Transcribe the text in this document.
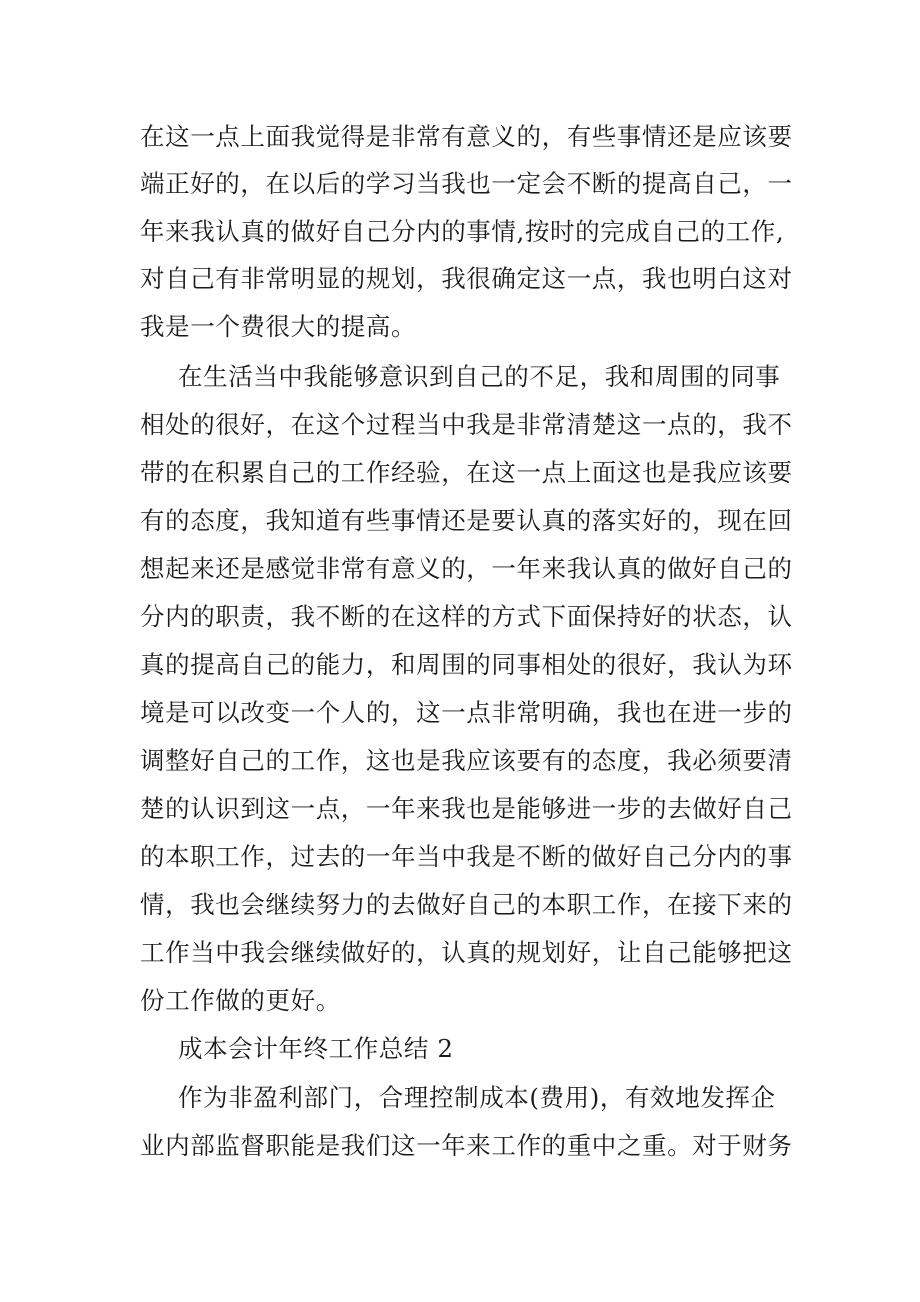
在这一点上面我觉得是非常有意义的，有些事情还是应该要
端正好的，在以后的学习当我也一定会不断的提高自己，一
年来我认真的做好自己分内的事情,按时的完成自己的工作,
对自己有非常明显的规划，我很确定这一点，我也明白这对
我是一个费很大的提高。
在生活当中我能够意识到自己的不足，我和周围的同事
相处的很好，在这个过程当中我是非常清楚这一点的，我不
带的在积累自己的工作经验，在这一点上面这也是我应该要
有的态度，我知道有些事情还是要认真的落实好的，现在回
想起来还是感觉非常有意义的，一年来我认真的做好自己的
分内的职责，我不断的在这样的方式下面保持好的状态，认
真的提高自己的能力，和周围的同事相处的很好，我认为环
境是可以改变一个人的，这一点非常明确，我也在进一步的
调整好自己的工作，这也是我应该要有的态度，我必须要清
楚的认识到这一点，一年来我也是能够进一步的去做好自己
的本职工作，过去的一年当中我是不断的做好自己分内的事
情，我也会继续努力的去做好自己的本职工作，在接下来的
工作当中我会继续做好的，认真的规划好，让自己能够把这
份工作做的更好。
成本会计年终工作总结 2
作为非盈利部门，合理控制成本(费用)，有效地发挥企
业内部监督职能是我们这一年来工作的重中之重。对于财务
